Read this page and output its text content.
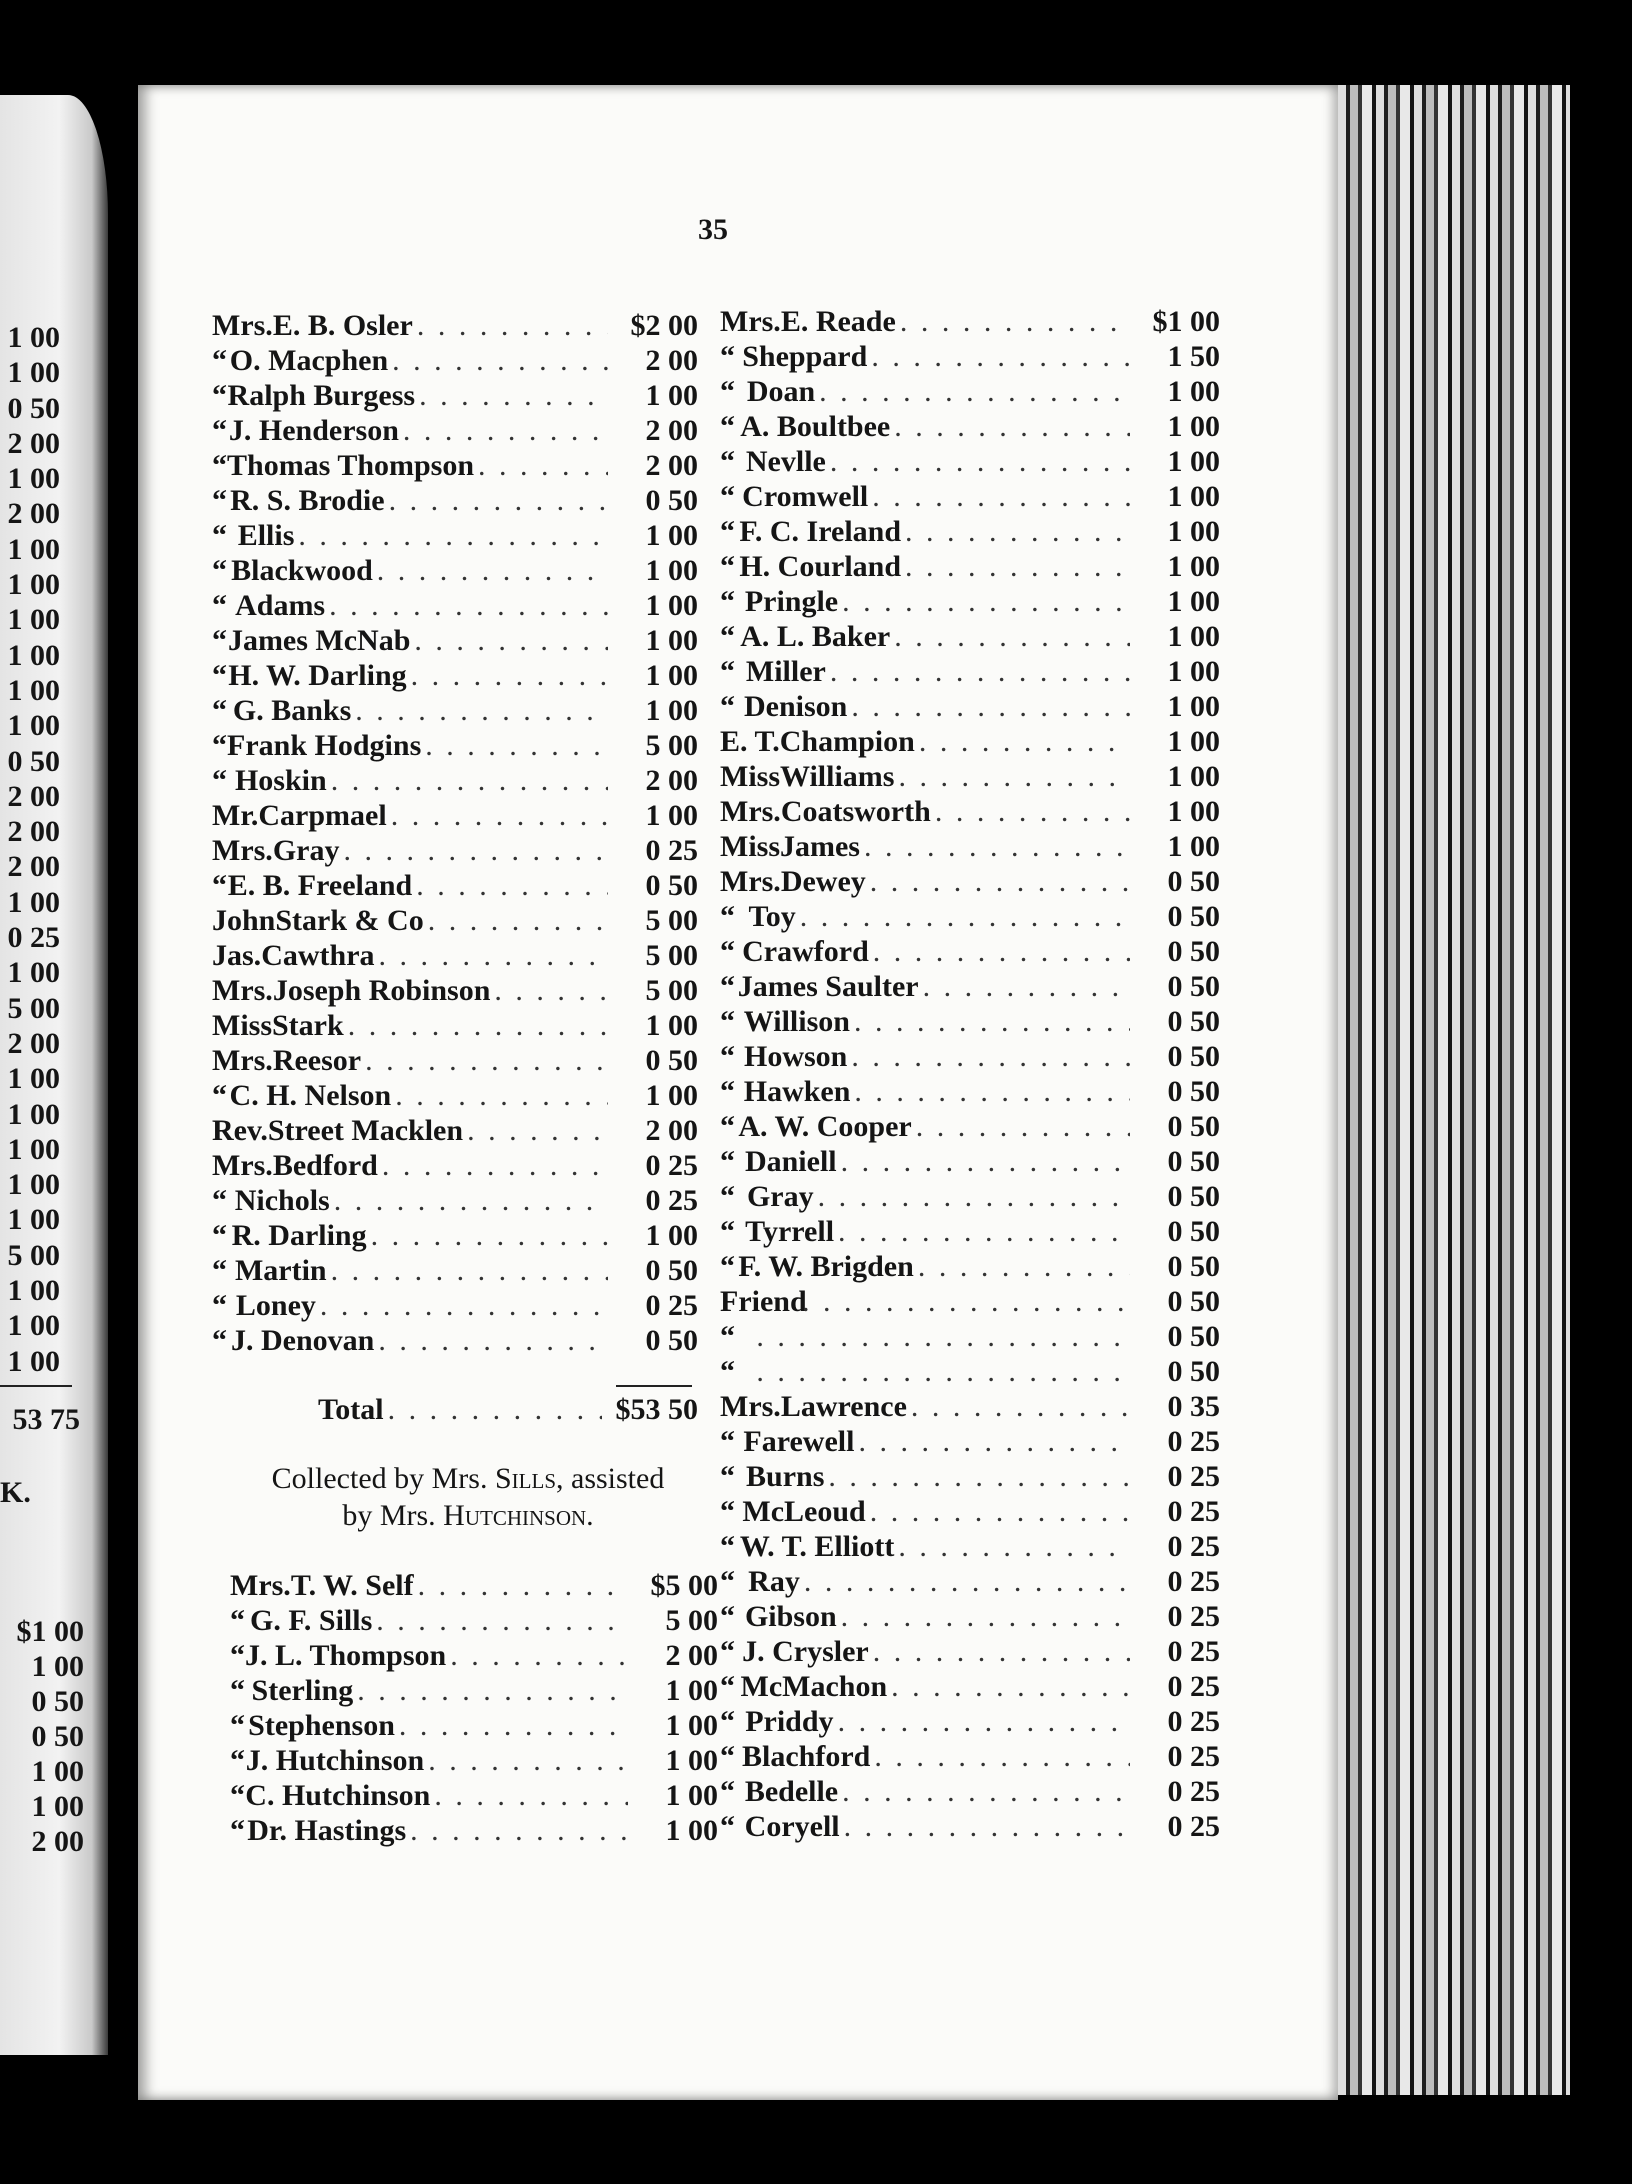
35
1 00
1 00
0 50
2 00
1 00
2 00
1 00
1 00
1 00
1 00
1 00
1 00
0 50
2 00
2 00
2 00
1 00
0 25
1 00
5 00
2 00
1 00
1 00
1 00
1 00
1 00
5 00
1 00
1 00
1 00
53 75
K.
$1 00
1 00
0 50
0 50
1 00
1 00
2 00
Mrs. E. B. Osler . . .	$2 00
“ O. Macphen . . .	2 00
“ Ralph Burgess . . .	1 00
“ J. Henderson . . .	2 00
“ Thomas Thompson . . .	2 00
“ R. S. Brodie . . .	0 50
“ Ellis . . .	1 00
“ Blackwood . . .	1 00
“ Adams . . .	1 00
“ James McNab . . .	1 00
“ H. W. Darling . . .	1 00
“ G. Banks . . .	1 00
“ Frank Hodgins . . .	5 00
“ Hoskin . . .	2 00
Mr. Carpmael . . .	1 00
Mrs. Gray . . .	0 25
“ E. B. Freeland . . .	0 50
John Stark & Co . . .	5 00
Jas. Cawthra . . .	5 00
Mrs. Joseph Robinson . . .	5 00
Miss Stark . . .	1 00
Mrs. Reesor . . .	0 50
“ C. H. Nelson . . .	1 00
Rev. Street Macklen . . .	2 00
Mrs. Bedford . . .	0 25
“ Nichols . . .	0 25
“ R. Darling . . .	1 00
“ Martin . . .	0 50
“ Loney . . .	0 25
“ J. Denovan . . .	0 50
Total . . .	$53 50
Collected by Mrs. Sills, assisted
by Mrs. Hutchinson.
Mrs. T. W. Self . . .	$5 00
“ G. F. Sills . . .	5 00
“ J. L. Thompson . . .	2 00
“ Sterling . . .	1 00
“ Stephenson . . .	1 00
“ J. Hutchinson . . .	1 00
“ C. Hutchinson . . .	1 00
“ Dr. Hastings . . .	1 00
Mrs. E. Reade . . .	$1 00
“ Sheppard . . .	1 50
“ Doan . . .	1 00
“ A. Boultbee . . .	1 00
“ Nevlle . . .	1 00
“ Cromwell . . .	1 00
“ F. C. Ireland . . .	1 00
“ H. Courland . . .	1 00
“ Pringle . . .	1 00
“ A. L. Baker . . .	1 00
“ Miller . . .	1 00
“ Denison . . .	1 00
E. T. Champion . . .	1 00
Miss Williams . . .	1 00
Mrs. Coatsworth . . .	1 00
Miss James . . .	1 00
Mrs. Dewey . . .	0 50
“ Toy . . .	0 50
“ Crawford . . .	0 50
“ James Saulter . . .	0 50
“ Willison . . .	0 50
“ Howson . . .	0 50
“ Hawken . . .	0 50
“ A. W. Cooper . . .	0 50
“ Daniell . . .	0 50
“ Gray . . .	0 50
“ Tyrrell . . .	0 50
“ F. W. Brigden . . .	0 50
Friend . . .	0 50
“ . . .	0 50
“ . . .	0 50
Mrs. Lawrence . . .	0 35
“ Farewell . . .	0 25
“ Burns . . .	0 25
“ McLeoud . . .	0 25
“ W. T. Elliott . . .	0 25
“ Ray . . .	0 25
“ Gibson . . .	0 25
“ J. Crysler . . .	0 25
“ McMachon . . .	0 25
“ Priddy . . .	0 25
“ Blachford . . .	0 25
“ Bedelle . . .	0 25
“ Coryell . . .	0 25
